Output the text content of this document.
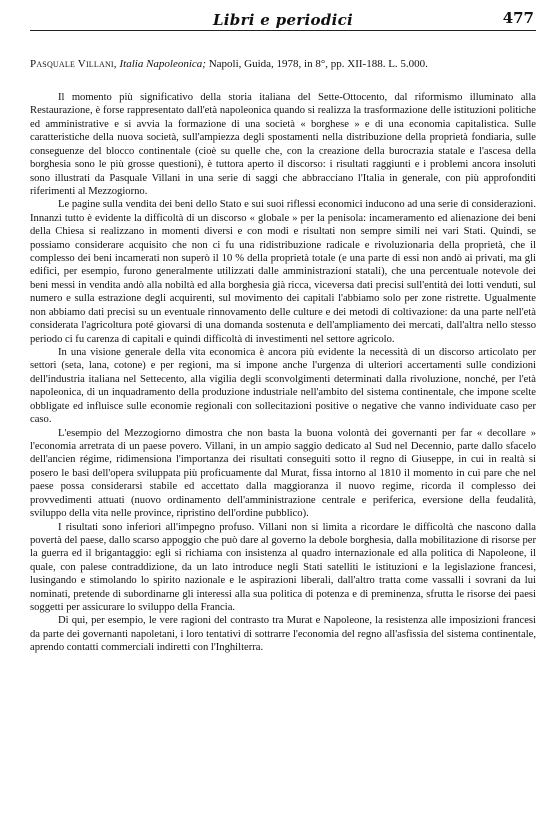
Libri e periodici	477

Pasquale Villani, Italia Napoleonica; Napoli, Guida, 1978, in 8°, pp. XII-188. L. 5.000.

Il momento più significativo della storia italiana del Sette-Ottocento, dal riformismo illuminato alla Restaurazione, è forse rappresentato dall'età napoleonica quando si realizza la trasformazione delle istituzioni politiche ed amministrative e si avvia la formazione di una società « borghese » e di una economia capitalistica. Sulle caratteristiche della nuova società, sull'ampiezza degli spostamenti nella distribuzione della proprietà fondiaria, sulle conseguenze del blocco continentale (cioè su quelle che, con la creazione della burocrazia statale e l'ascesa della borghesia sono le più grosse questioni), è tuttora aperto il discorso: i risultati raggiunti e i problemi ancora insoluti sono illustrati da Pasquale Villani in una serie di saggi che abbracciano l'Italia in generale, con più approfonditi riferimenti al Mezzogiorno.

Le pagine sulla vendita dei beni dello Stato e sui suoi riflessi economici inducono ad una serie di considerazioni. Innanzi tutto è evidente la difficoltà di un discorso « globale » per la penisola: incameramento ed alienazione dei beni della Chiesa si realizzano in momenti diversi e con modi e risultati non sempre simili nei vari Stati. Quindi, se possiamo considerare acquisito che non ci fu una ridistribuzione radicale e rivoluzionaria della proprietà, che il complesso dei beni incamerati non superò il 10 % della proprietà totale (e una parte di essi non andò ai privati, ma gli edifici, per esempio, furono generalmente utilizzati dalle amministrazioni statali), che una percentuale notevole dei beni messi in vendita andò alla nobiltà ed alla borghesia già ricca, viceversa dati precisi sull'entità dei lotti venduti, sul numero e sulla estrazione degli acquirenti, sul movimento dei capitali l'abbiamo solo per zone ristrette. Ugualmente non abbiamo dati precisi su un eventuale rinnovamento delle culture e dei metodi di coltivazione: da una parte nell'età considerata l'agricoltura poté giovarsi di una domanda sostenuta e dell'ampliamento dei mercati, dall'altra nello stesso periodo ci fu carenza di capitali e quindi difficoltà di investimenti nel settore agricolo.

In una visione generale della vita economica è ancora più evidente la necessità di un discorso articolato per settori (seta, lana, cotone) e per regioni, ma si impone anche l'urgenza di ulteriori accertamenti sulle condizioni dell'industria italiana nel Settecento, alla vigilia degli sconvolgimenti determinati dalla rivoluzione, nonché, per l'età napoleonica, di un inquadramento della produzione industriale nell'ambito del sistema continentale, che impone scelte obbligate ed influisce sulle economie regionali con sollecitazioni positive o negative che vanno individuate caso per caso.

L'esempio del Mezzogiorno dimostra che non basta la buona volontà dei governanti per far « decollare » l'economia arretrata di un paese povero. Villani, in un ampio saggio dedicato al Sud nel Decennio, parte dallo sfacelo dell'ancien régime, ridimensiona l'importanza dei risultati conseguiti sotto il regno di Giuseppe, in cui in realtà si posero le basi dell'opera sviluppata più proficuamente dal Murat, fissa intorno al 1810 il momento in cui pare che nel paese possa considerarsi stabile ed accettato dalla maggioranza il nuovo regime, ricorda il complesso dei provvedimenti attuati (nuovo ordinamento dell'amministrazione centrale e periferica, eversione della feudalità, sviluppo della vita nelle province, ripristino dell'ordine pubblico).

I risultati sono inferiori all'impegno profuso. Villani non si limita a ricordare le difficoltà che nascono dalla povertà del paese, dallo scarso appoggio che può dare al governo la debole borghesia, dalla mobilitazione di risorse per la guerra ed il brigantaggio: egli si richiama con insistenza al quadro internazionale ed alla politica di Napoleone, il quale, con palese contraddizione, da un lato introduce negli Stati satelliti le istituzioni e la legislazione francesi, lusingando e stimolando lo spirito nazionale e le aspirazioni liberali, dall'altro tratta come vassalli i sovrani da lui nominati, pretende di subordinarne gli interessi alla sua politica di potenza e di preminenza, sfrutta le risorse dei paesi soggetti per assicurare lo sviluppo della Francia.

Di qui, per esempio, le vere ragioni del contrasto tra Murat e Napoleone, la resistenza alle imposizioni francesi da parte dei governanti napoletani, i loro tentativi di sottrarre l'economia del regno all'asfissia del sistema continentale, aprendo contatti commerciali indiretti con l'Inghilterra.
